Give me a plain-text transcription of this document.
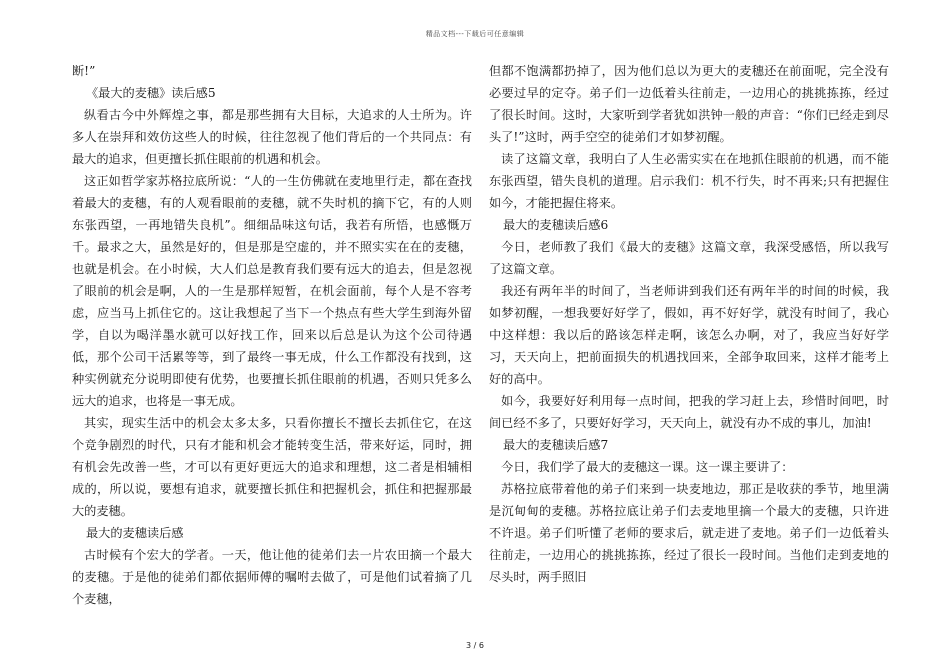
精品文档---下载后可任意编辑

断!”

《最大的麦穗》读后感5

纵看古今中外辉煌之事，都是那些拥有大目标，大追求的人士所为。许多人在崇拜和效仿这些人的时候，往往忽视了他们背后的一个共同点：有最大的追求，但更擅长抓住眼前的机遇和机会。

这正如哲学家苏格拉底所说：“人的一生仿佛就在麦地里行走，都在查找着最大的麦穗，有的人观看眼前的麦穗，就不失时机的摘下它，有的人则东张西望，一再地错失良机”。细细品味这句话，我若有所悟，也感慨万千。最求之大，虽然是好的，但是那是空虚的，并不照实实在在的麦穗，也就是机会。在小时候，大人们总是教育我们要有远大的追去，但是忽视了眼前的机会是啊，人的一生是那样短暂，在机会面前，每个人是不容考虑，应当马上抓住它的。这让我想起了当下一个热点有些大学生到海外留学，自以为喝洋墨水就可以好找工作，回来以后总是认为这个公司待遇低，那个公司干活累等等，到了最终一事无成，什么工作都没有找到，这种实例就充分说明即使有优势，也要擅长抓住眼前的机遇，否则只凭多么远大的追求，也将是一事无成。

其实，现实生活中的机会太多太多，只看你擅长不擅长去抓住它，在这个竞争剧烈的时代，只有才能和机会才能转变生活，带来好运，同时，拥有机会先改善一些，才可以有更好更远大的追求和理想，这二者是相辅相成的，所以说，要想有追求，就要擅长抓住和把握机会，抓住和把握那最大的麦穗。

最大的麦穗读后感

古时候有个宏大的学者。一天，他让他的徒弟们去一片农田摘一个最大的麦穗。于是他的徒弟们都依据师傅的嘱咐去做了，可是他们试着摘了几个麦穗，

但都不饱满都扔掉了，因为他们总以为更大的麦穗还在前面呢，完全没有必要过早的定夺。弟子们一边低着头往前走，一边用心的挑挑拣拣，经过了很长时间。这时，大家听到学者犹如洪钟一般的声音：“你们已经走到尽头了!”这时，两手空空的徒弟们才如梦初醒。

读了这篇文章，我明白了人生必需实实在在地抓住眼前的机遇，而不能东张西望，错失良机的道理。启示我们：机不行失，时不再来;只有把握住如今，才能把握住将来。

最大的麦穗读后感6

今日，老师教了我们《最大的麦穗》这篇文章，我深受感悟，所以我写了这篇文章。

我还有两年半的时间了，当老师讲到我们还有两年半的时间的时候，我如梦初醒，一想我要好好学了，假如，再不好好学，就没有时间了，我心中这样想：我以后的路该怎样走啊，该怎么办啊，对了，我应当好好学习，天天向上，把前面损失的机遇找回来，全部争取回来，这样才能考上好的高中。

如今，我要好好利用每一点时间，把我的学习赶上去，珍惜时间吧，时间已经不多了，只要好好学习，天天向上，就没有办不成的事儿，加油!

最大的麦穗读后感7

今日，我们学了最大的麦穗这一课。这一课主要讲了：

苏格拉底带着他的弟子们来到一块麦地边，那正是收获的季节，地里满是沉甸甸的麦穗。苏格拉底让弟子们去麦地里摘一个最大的麦穗，只许进不许退。弟子们听懂了老师的要求后，就走进了麦地。弟子们一边低着头往前走，一边用心的挑挑拣拣，经过了很长一段时间。当他们走到麦地的尽头时，两手照旧

3 / 6
